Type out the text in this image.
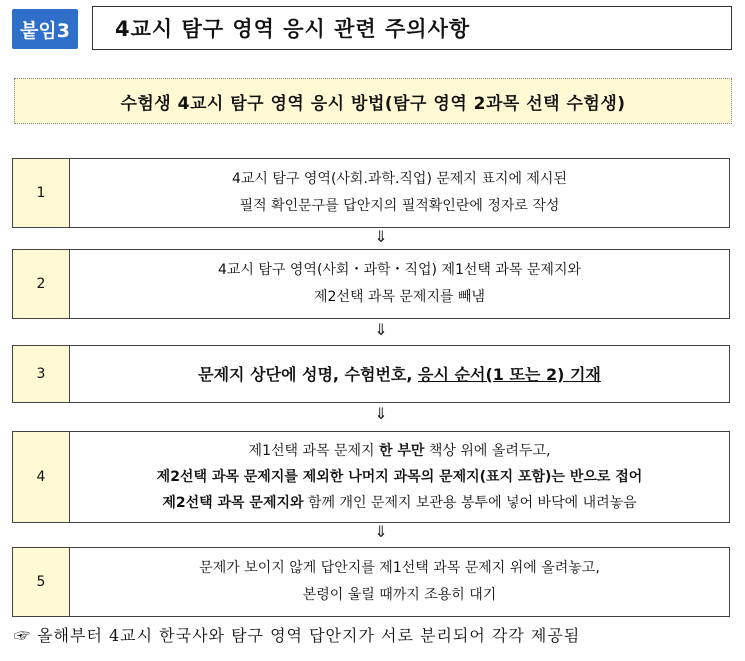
붙임3	4교시 탐구 영역 응시 관련 주의사항
수험생 4교시 탐구 영역 응시 방법(탐구 영역 2과목 선택 수험생)
1
4교시 탐구 영역(사회.과학.직업) 문제지 표지에 제시된
필적 확인문구를 답안지의 필적확인란에 정자로 작성
⇓
2
4교시 탐구 영역(사회・과학・직업) 제1선택 과목 문제지와
제2선택 과목 문제지를 빼냄
⇓
3	문제지 상단에 성명, 수험번호, 응시 순서(1 또는 2) 기재
⇓
4
제1선택 과목 문제지 한 부만 책상 위에 올려두고,
제2선택 과목 문제지를 제외한 나머지 과목의 문제지(표지 포함)는 반으로 접어
제2선택 과목 문제지와 함께 개인 문제지 보관용 봉투에 넣어 바닥에 내려놓음
⇓
5
문제가 보이지 않게 답안지를 제1선택 과목 문제지 위에 올려놓고,
본령이 울릴 때까지 조용히 대기
☞ 올해부터 4교시 한국사와 탐구 영역 답안지가 서로 분리되어 각각 제공됨
